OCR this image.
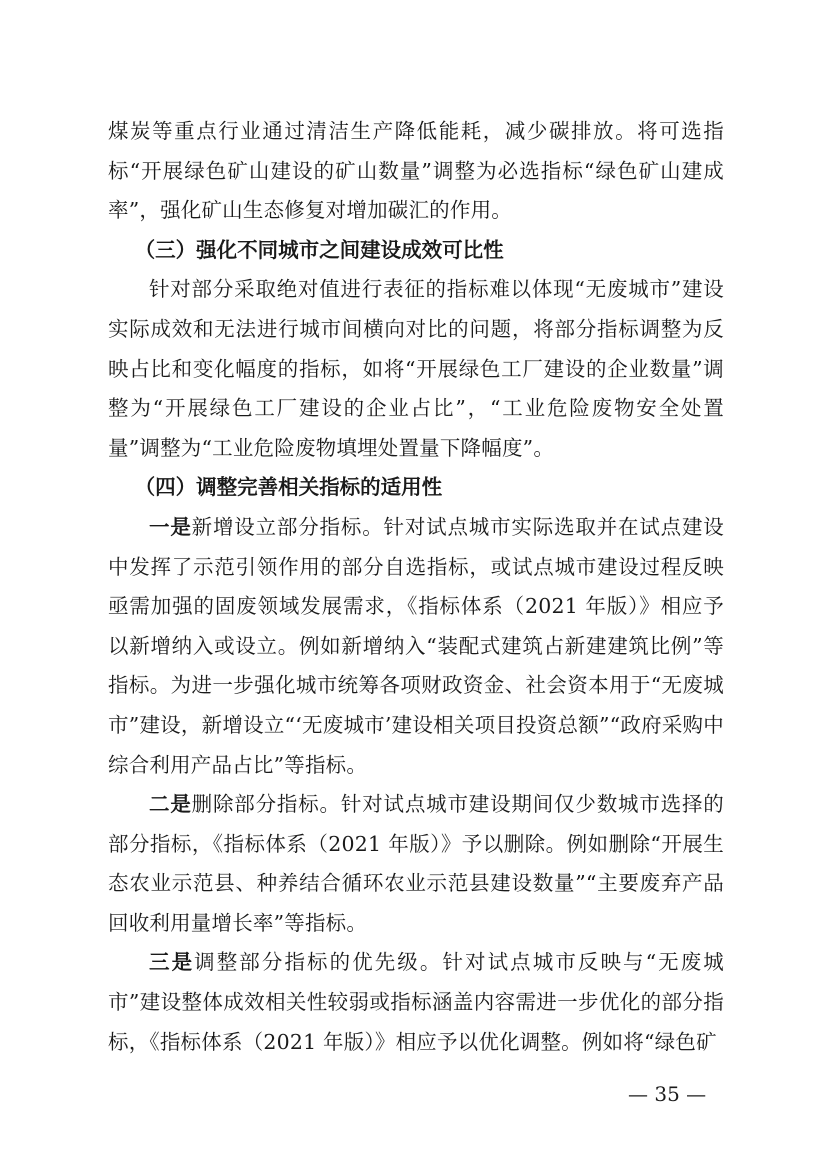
煤炭等重点行业通过清洁生产降低能耗，减少碳排放。将可选指标“开展绿色矿山建设的矿山数量”调整为必选指标“绿色矿山建成率”，强化矿山生态修复对增加碳汇的作用。

（三）强化不同城市之间建设成效可比性

针对部分采取绝对值进行表征的指标难以体现“无废城市”建设实际成效和无法进行城市间横向对比的问题，将部分指标调整为反映占比和变化幅度的指标，如将“开展绿色工厂建设的企业数量”调整为“开展绿色工厂建设的企业占比”，“工业危险废物安全处置量”调整为“工业危险废物填埋处置量下降幅度”。

（四）调整完善相关指标的适用性

一是新增设立部分指标。针对试点城市实际选取并在试点建设中发挥了示范引领作用的部分自选指标，或试点城市建设过程反映亟需加强的固废领域发展需求，《指标体系（2021 年版）》相应予以新增纳入或设立。例如新增纳入“装配式建筑占新建建筑比例”等指标。为进一步强化城市统筹各项财政资金、社会资本用于“无废城市”建设，新增设立“‘无废城市’建设相关项目投资总额”“政府采购中综合利用产品占比”等指标。

二是删除部分指标。针对试点城市建设期间仅少数城市选择的部分指标，《指标体系（2021 年版）》予以删除。例如删除“开展生态农业示范县、种养结合循环农业示范县建设数量”“主要废弃产品回收利用量增长率”等指标。

三是调整部分指标的优先级。针对试点城市反映与“无废城市”建设整体成效相关性较弱或指标涵盖内容需进一步优化的部分指标，《指标体系（2021 年版）》相应予以优化调整。例如将“绿色矿

— 35 —
